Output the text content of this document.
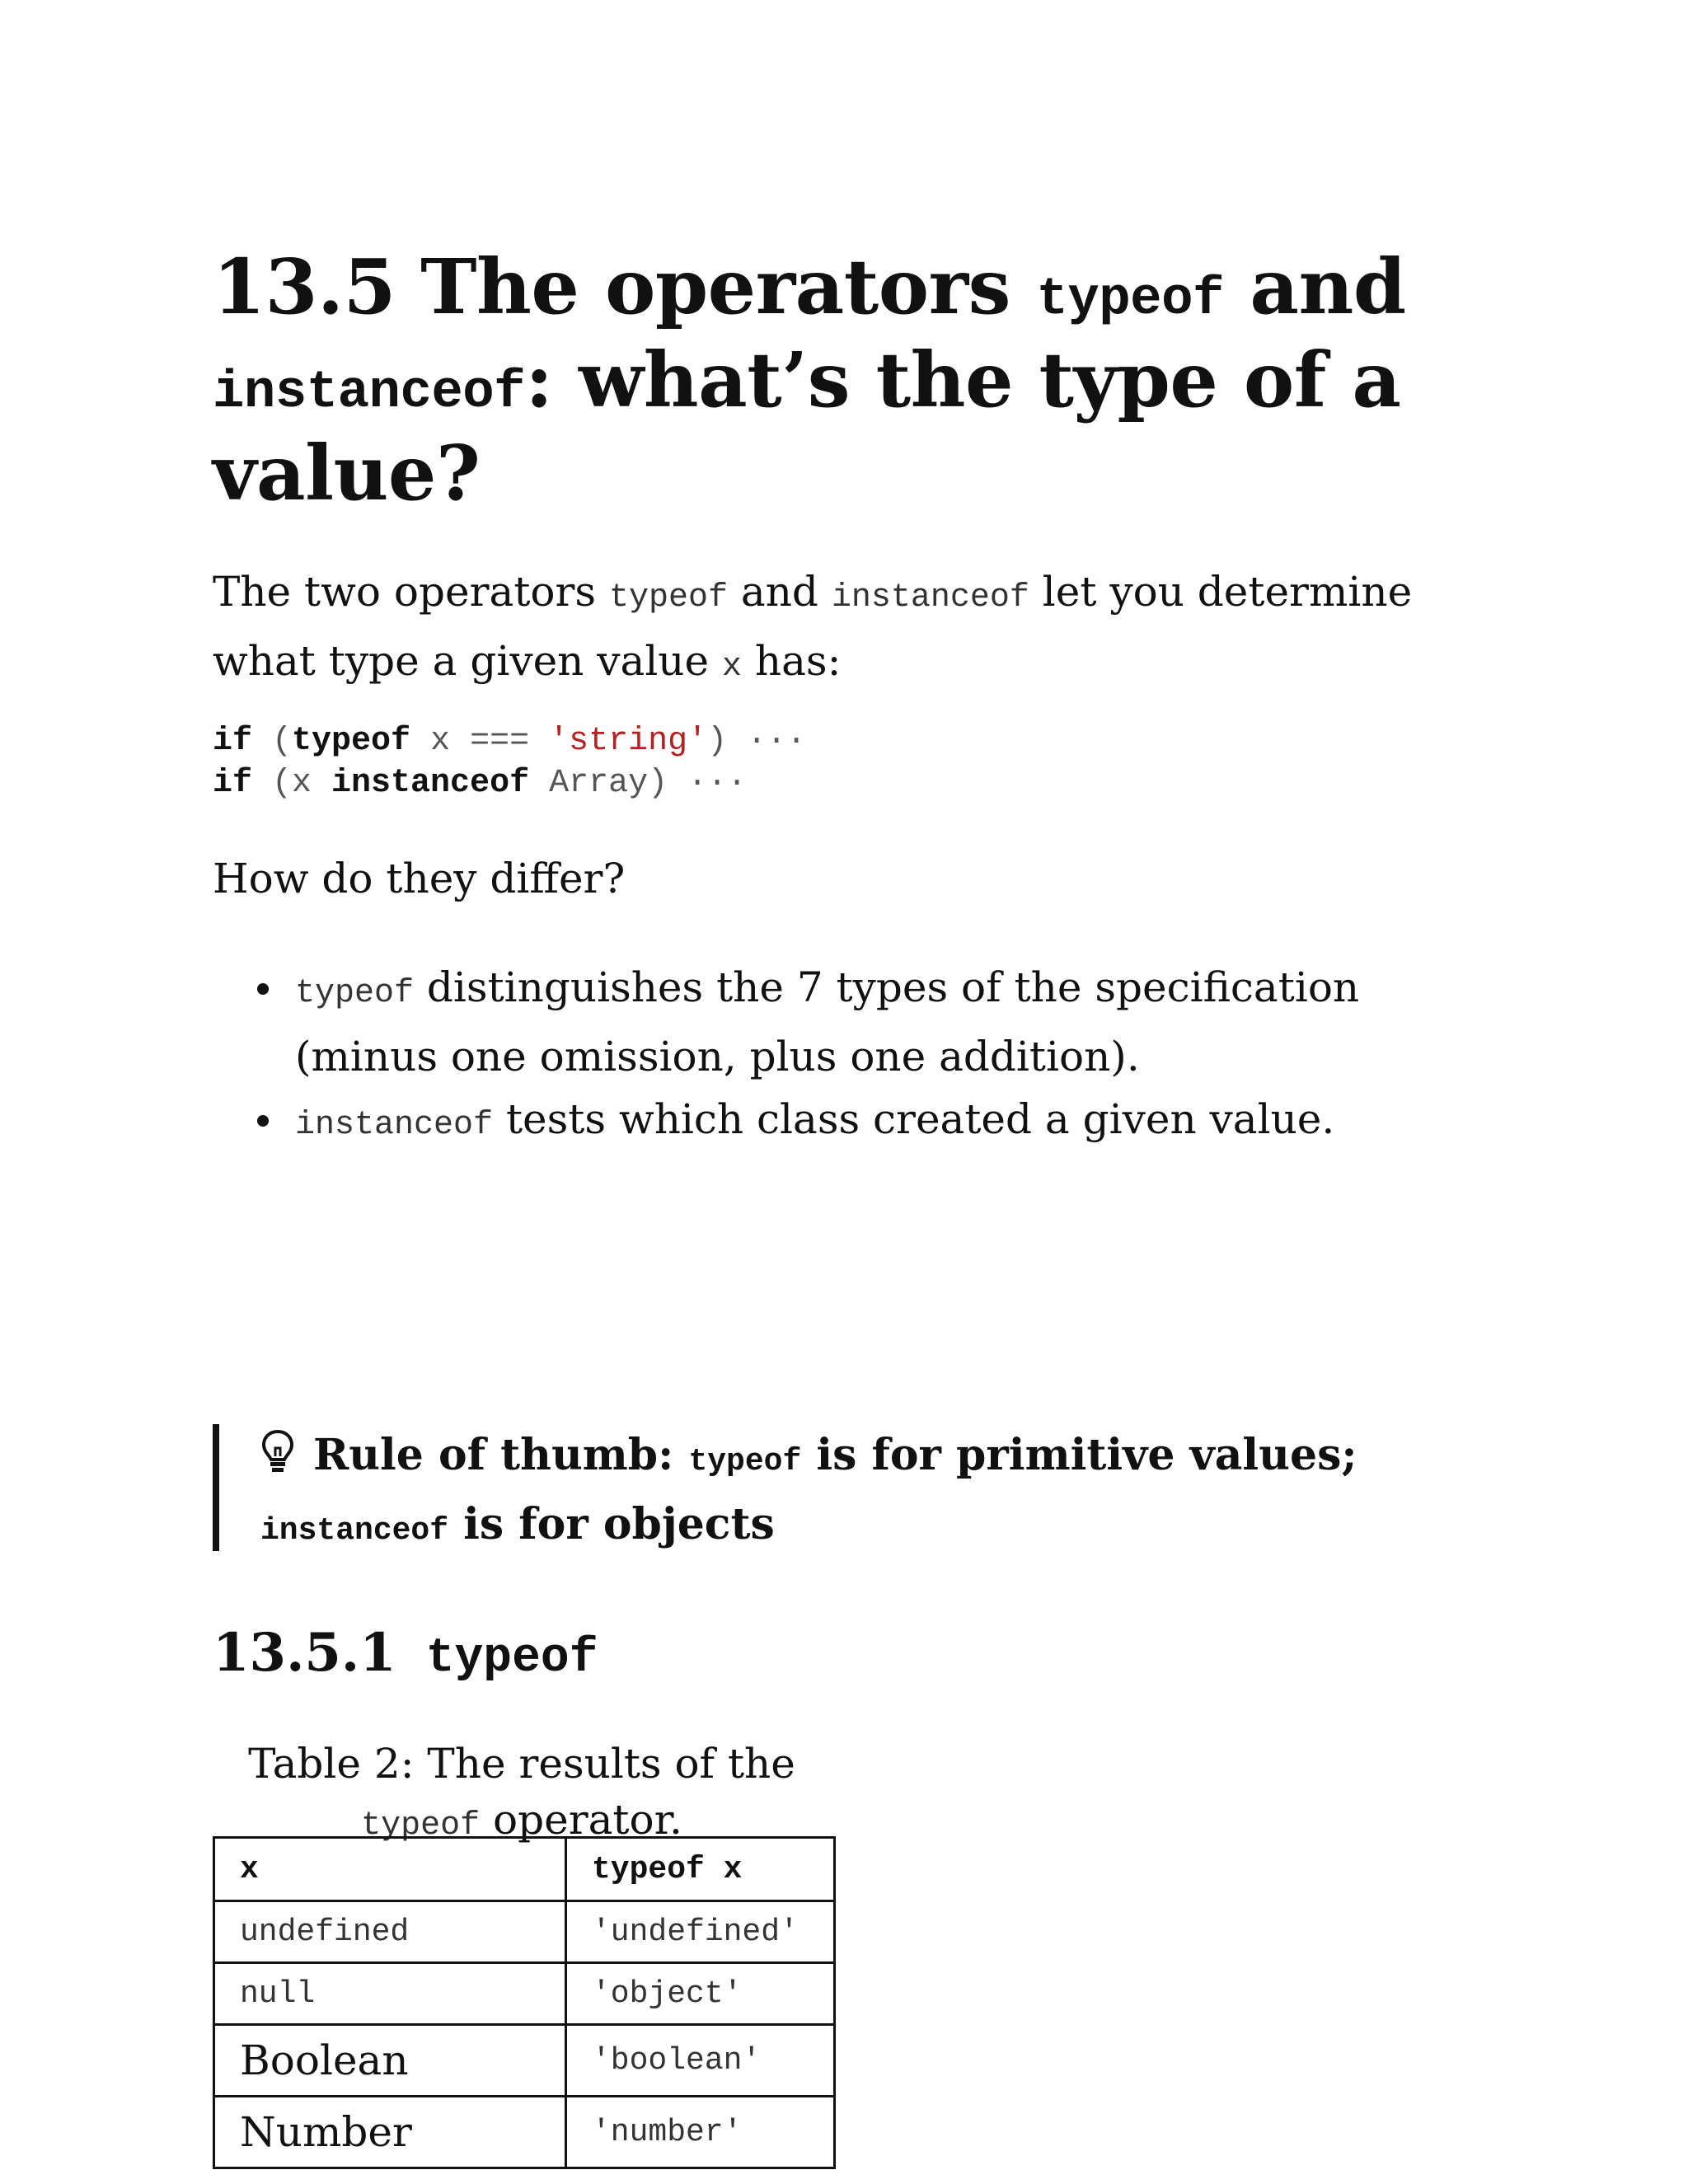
13.5 The operators typeof and
instanceof: what’s the type of a value?

The two operators typeof and instanceof let you determine what type a given value x has:

if (typeof x === 'string') ···
if (x instanceof Array) ···

How do they differ?

typeof distinguishes the 7 types of the specification (minus one omission, plus one addition).
instanceof tests which class created a given value.
Rule of thumb: typeof is for primitive values; instanceof is for objects
13.5.1 typeof
Table 2: The results of the typeof operator.
x	typeof x
undefined	'undefined'
null	'object'
Boolean	'boolean'
Number	'number'
